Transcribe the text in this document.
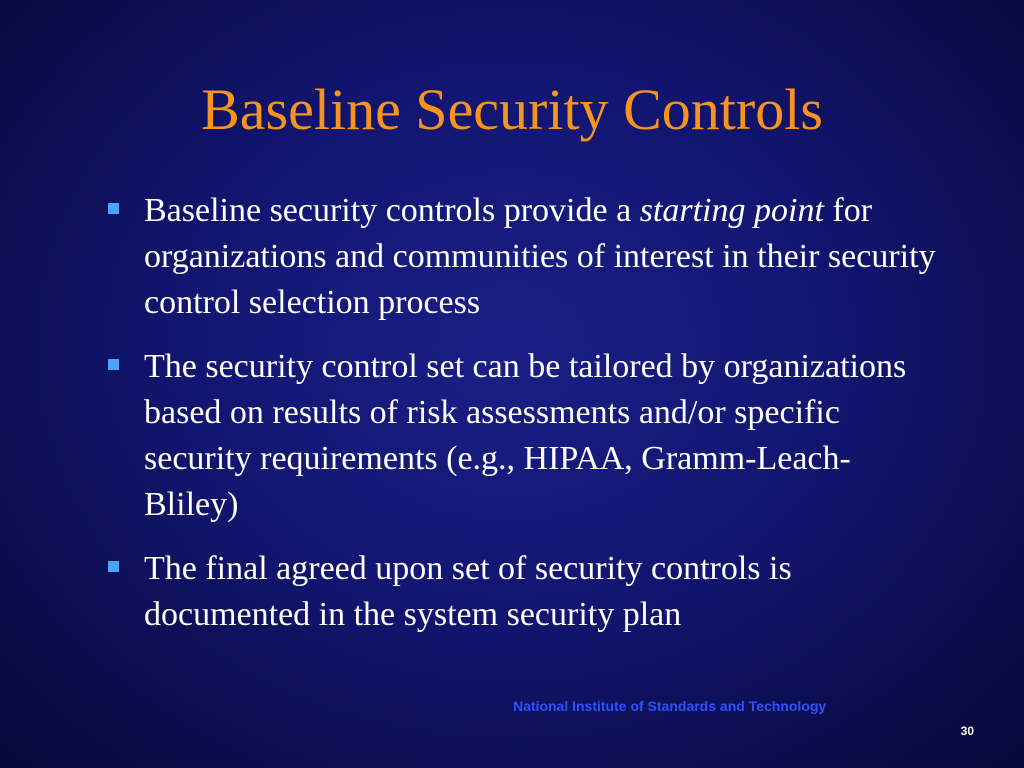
Baseline Security Controls
Baseline security controls provide a starting point for organizations and communities of interest in their security control selection process
The security control set can be tailored by organizations based on results of risk assessments and/or specific security requirements (e.g., HIPAA, Gramm-Leach-Bliley)
The final agreed upon set of security controls is documented in the system security plan
National Institute of Standards and Technology
30
